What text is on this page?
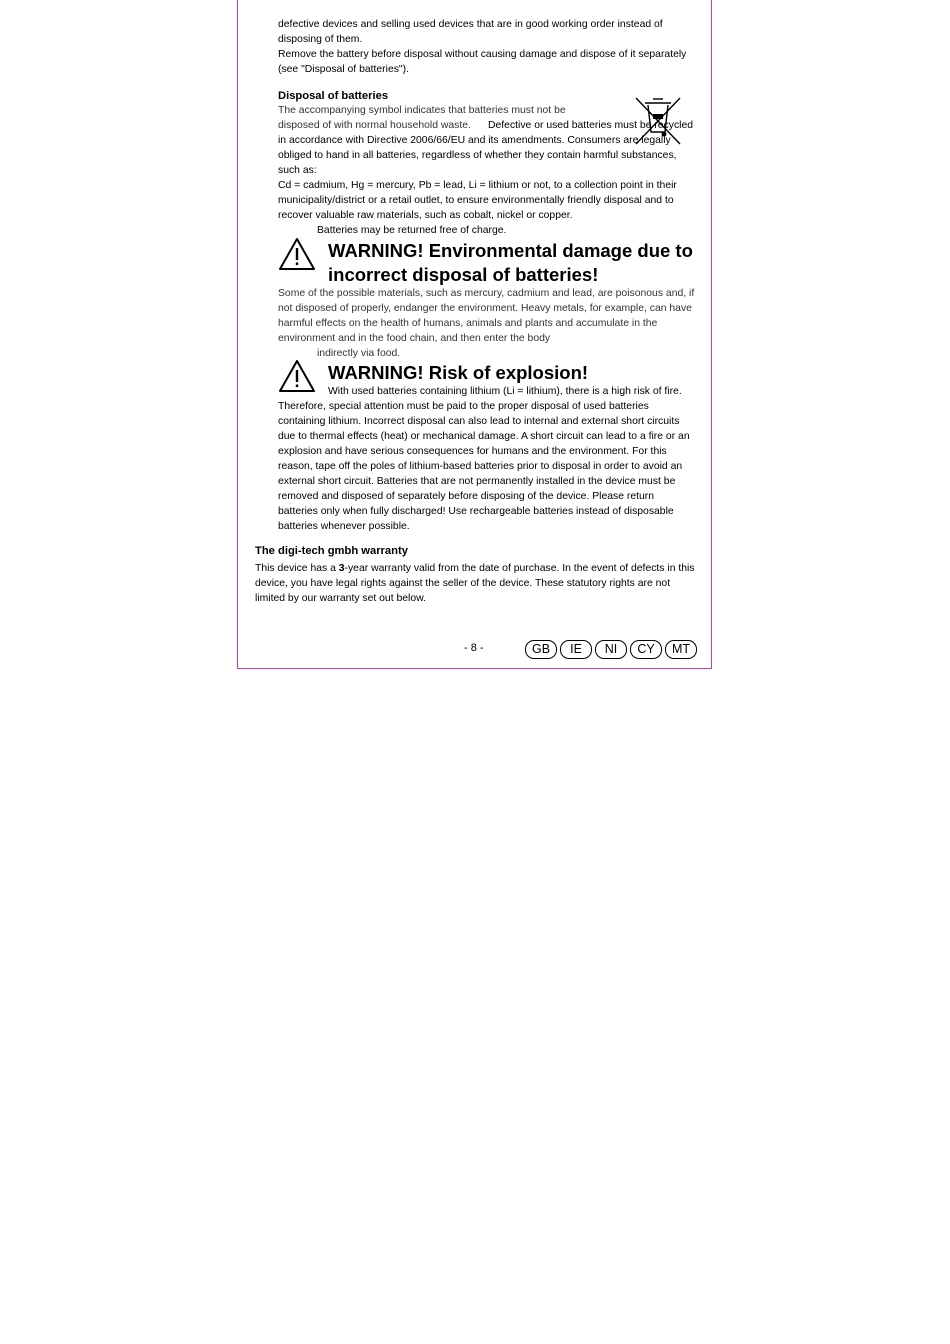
defective devices and selling used devices that are in good working order instead of disposing of them.

Remove the battery before disposal without causing damage and dispose of it separately (see "Disposal of batteries").

Disposal of batteries

The accompanying symbol indicates that batteries must not be disposed of with normal household waste.	Defective or used batteries must be recycled in accordance with Directive 2006/66/EU and its amendments. Consumers are legally obliged to hand in all batteries, regardless of whether they contain harmful substances, such as:

Cd = cadmium, Hg = mercury, Pb = lead, Li = lithium or not, to a collection point in their municipality/district or a retail outlet, to ensure environmentally friendly disposal and to recover valuable raw materials, such as cobalt, nickel or copper.

Batteries may be returned free of charge.

WARNING! Environmental damage due to incorrect disposal of batteries!

Some of the possible materials, such as mercury, cadmium and lead, are poisonous and, if not disposed of properly, endanger the environment. Heavy metals, for example, can have harmful effects on the health of humans, animals and plants and accumulate in the environment and in the food chain, and then enter the body

indirectly via food.

WARNING! Risk of explosion!

With used batteries containing lithium (Li = lithium), there is a high risk of fire. Therefore, special attention must be paid to the proper disposal of used batteries containing lithium. Incorrect disposal can also lead to internal and external short circuits due to thermal effects (heat) or mechanical damage. A short circuit can lead to a fire or an explosion and have serious consequences for humans and the environment. For this reason, tape off the poles of lithium-based batteries prior to disposal in order to avoid an external short circuit. Batteries that are not permanently installed in the device must be removed and disposed of separately before disposing of the device. Please return batteries only when fully discharged! Use rechargeable batteries instead of disposable batteries whenever possible.

The digi-tech gmbh warranty

This device has a 3-year warranty valid from the date of purchase. In the event of defects in this device, you have legal rights against the seller of the device. These statutory rights are not limited by our warranty set out below.

- 8 -	GB	IE	NI	CY	MT
